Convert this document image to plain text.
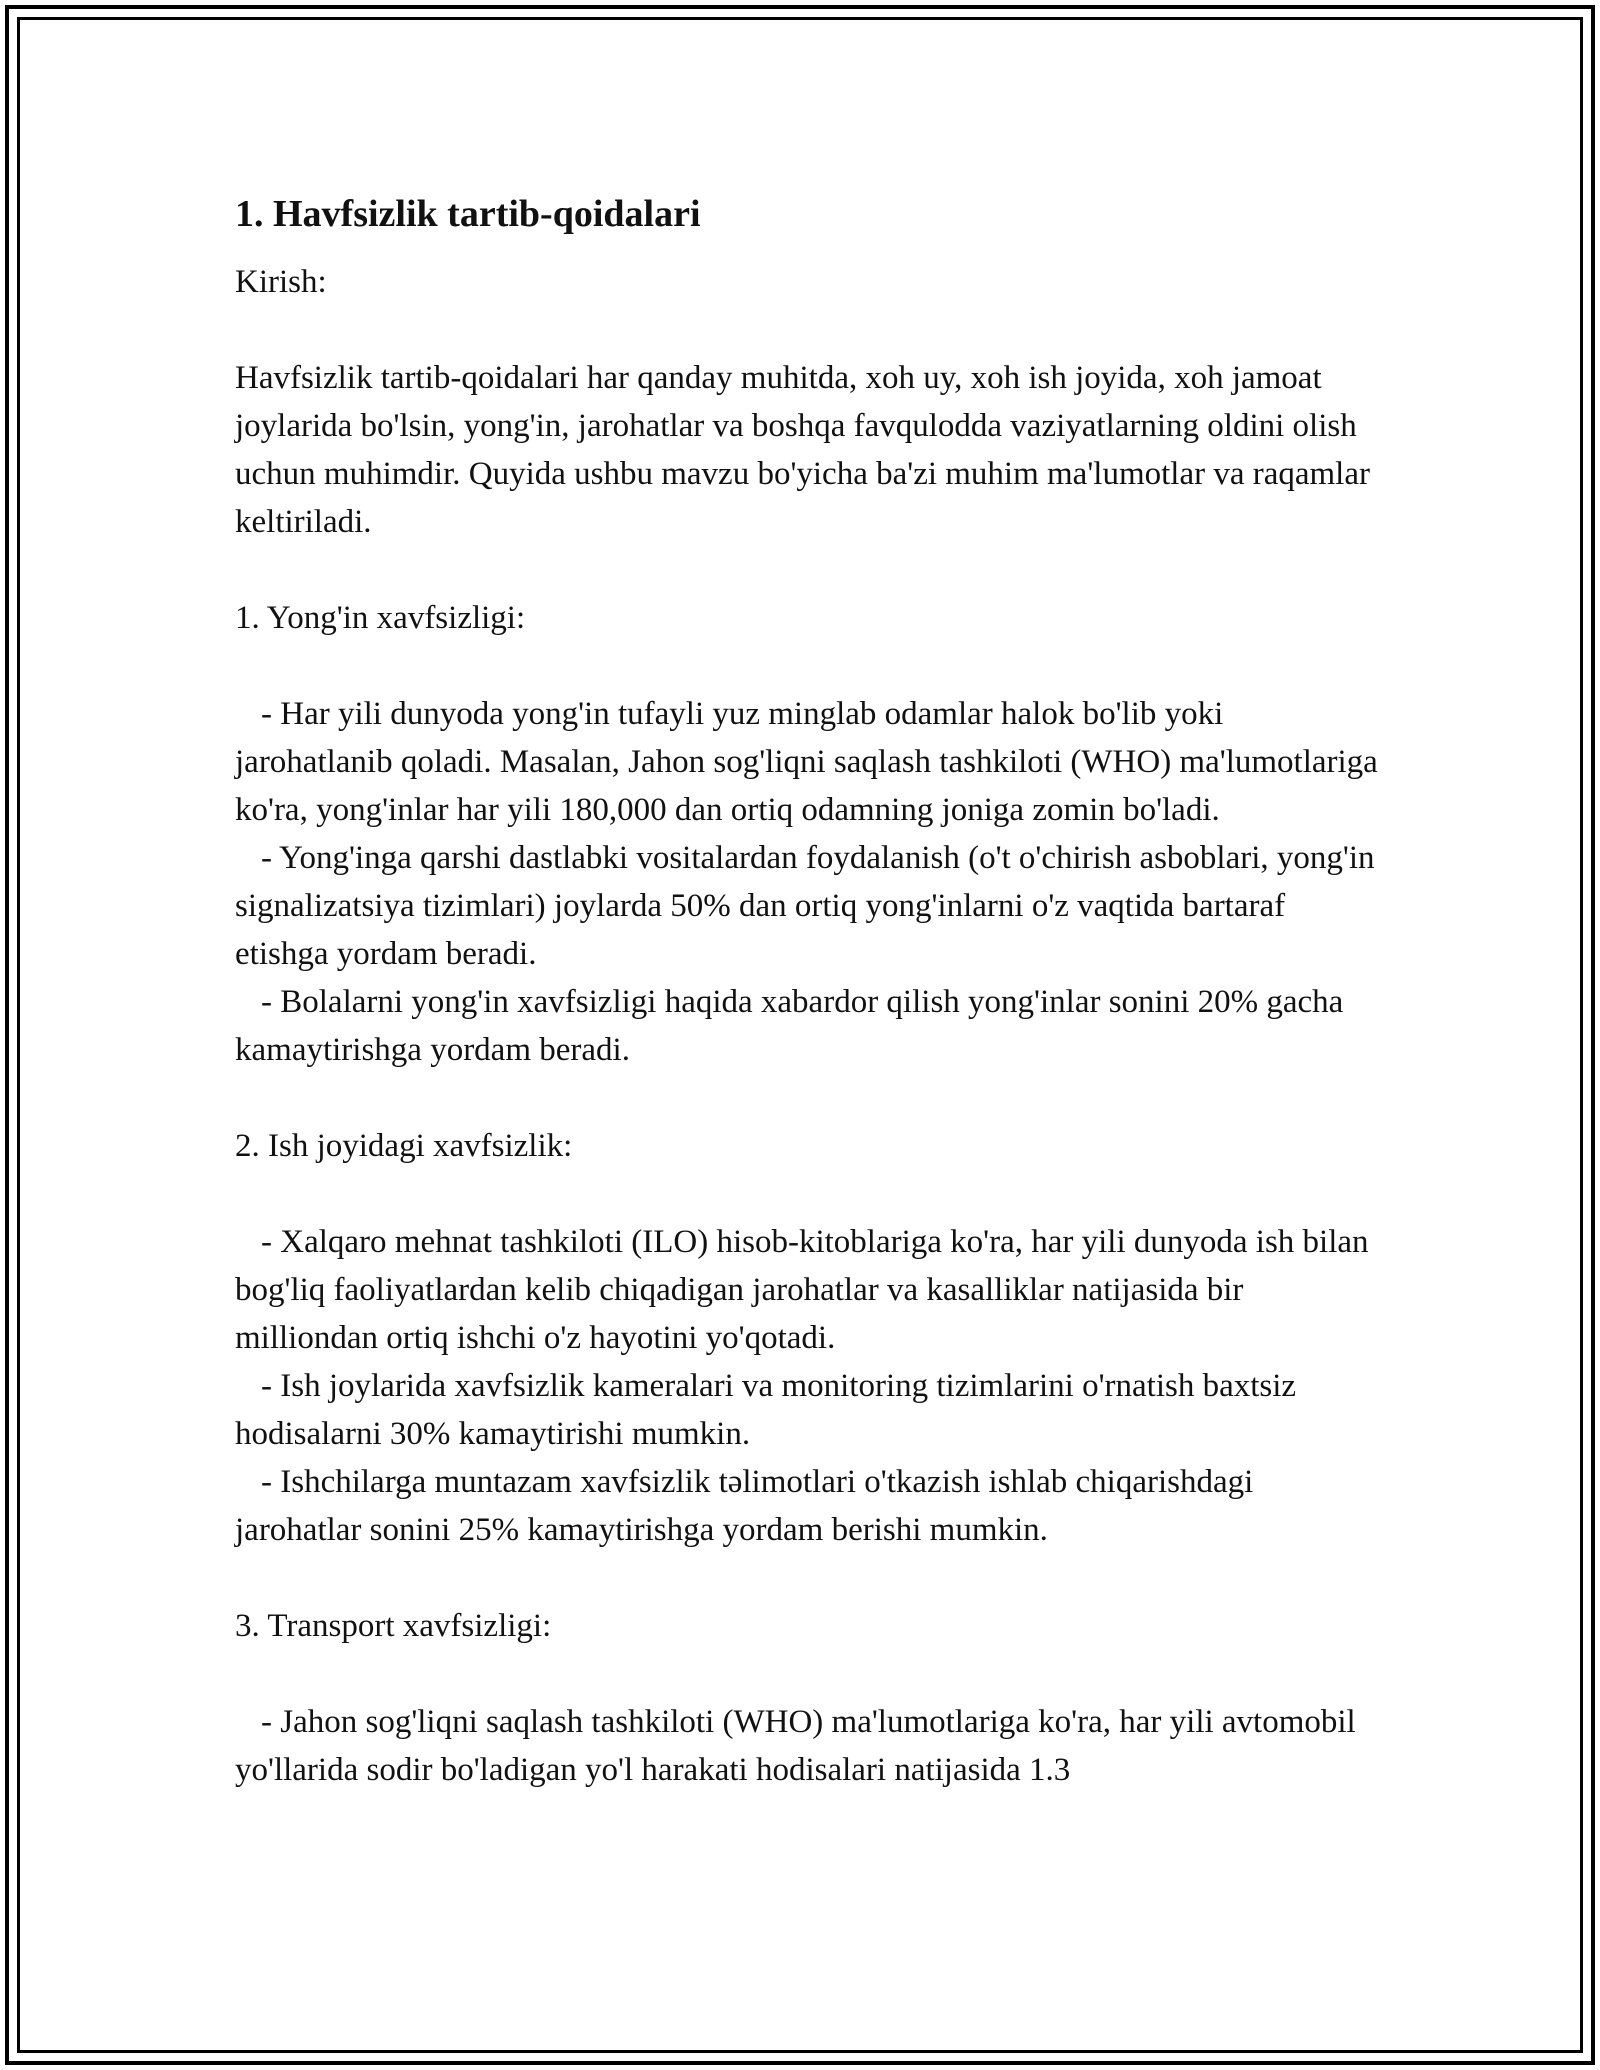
1. Havfsizlik tartib-qoidalari

Kirish:

Havfsizlik tartib-qoidalari har qanday muhitda, xoh uy, xoh ish joyida, xoh jamoat joylarida bo'lsin, yong'in, jarohatlar va boshqa favqulodda vaziyatlarning oldini olish uchun muhimdir. Quyida ushbu mavzu bo'yicha ba'zi muhim ma'lumotlar va raqamlar keltiriladi.

1. Yong'in xavfsizligi:

- Har yili dunyoda yong'in tufayli yuz minglab odamlar halok bo'lib yoki jarohatlanib qoladi. Masalan, Jahon sog'liqni saqlash tashkiloti (WHO) ma'lumotlariga ko'ra, yong'inlar har yili 180,000 dan ortiq odamning joniga zomin bo'ladi.

- Yong'inga qarshi dastlabki vositalardan foydalanish (o't o'chirish asboblari, yong'in signalizatsiya tizimlari) joylarda 50% dan ortiq yong'inlarni o'z vaqtida bartaraf etishga yordam beradi.

- Bolalarni yong'in xavfsizligi haqida xabardor qilish yong'inlar sonini 20% gacha kamaytirishga yordam beradi.

2. Ish joyidagi xavfsizlik:

- Xalqaro mehnat tashkiloti (ILO) hisob-kitoblariga ko'ra, har yili dunyoda ish bilan bog'liq faoliyatlardan kelib chiqadigan jarohatlar va kasalliklar natijasida bir milliondan ortiq ishchi o'z hayotini yo'qotadi.

- Ish joylarida xavfsizlik kameralari va monitoring tizimlarini o'rnatish baxtsiz hodisalarni 30% kamaytirishi mumkin.

- Ishchilarga muntazam xavfsizlik təlimotlari o'tkazish ishlab chiqarishdagi jarohatlar sonini 25% kamaytirishga yordam berishi mumkin.

3. Transport xavfsizligi:

- Jahon sog'liqni saqlash tashkiloti (WHO) ma'lumotlariga ko'ra, har yili avtomobil yo'llarida sodir bo'ladigan yo'l harakati hodisalari natijasida 1.3
